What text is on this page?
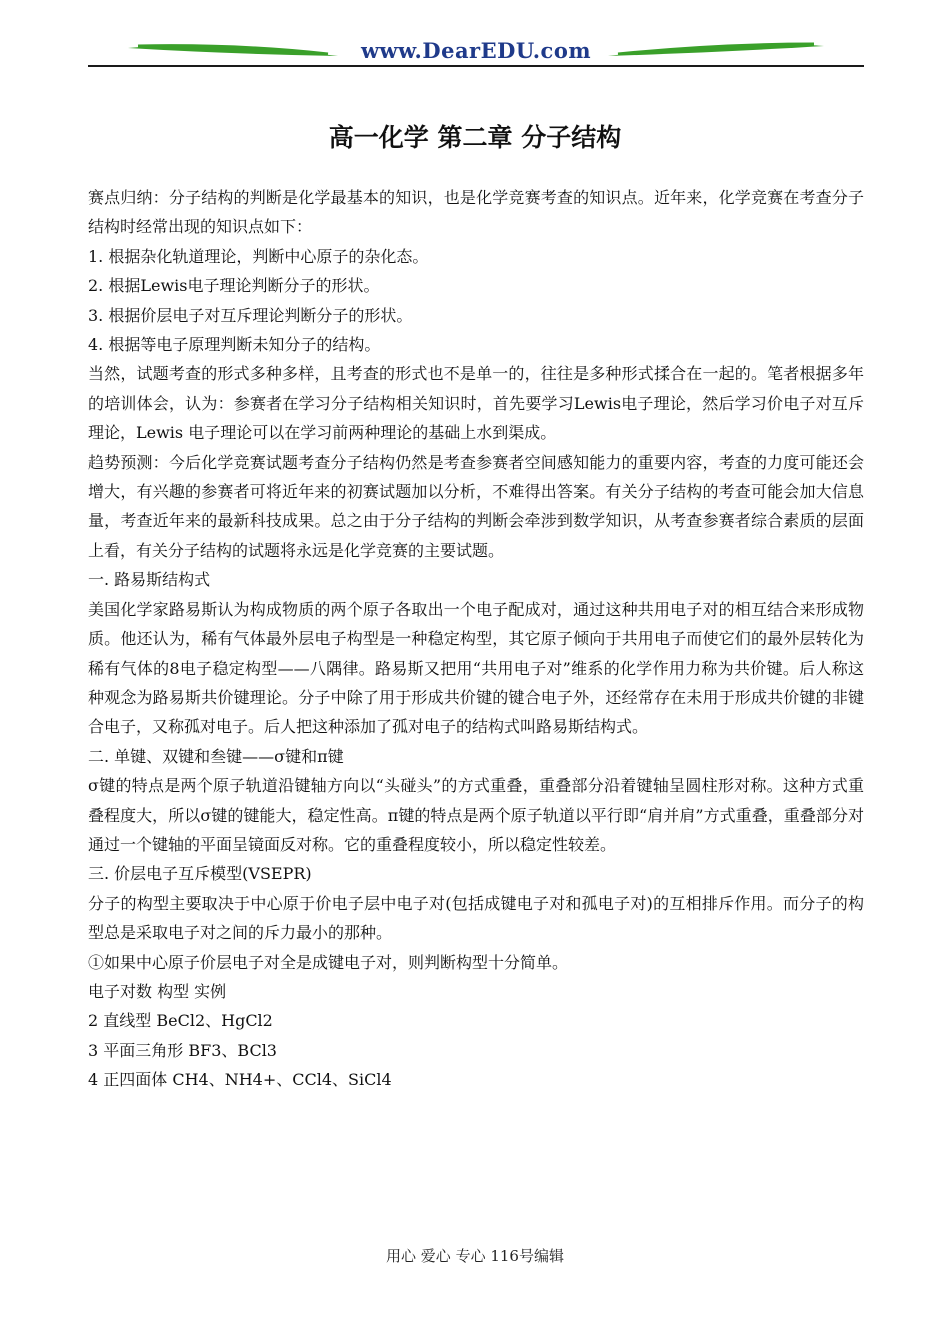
www.DearEDU.com
高一化学 第二章 分子结构

赛点归纳：分子结构的判断是化学最基本的知识，也是化学竞赛考查的知识点。近年来，化学竞赛在考查分子结构时经常出现的知识点如下：

1. 根据杂化轨道理论，判断中心原子的杂化态。

2. 根据Lewis电子理论判断分子的形状。

3. 根据价层电子对互斥理论判断分子的形状。

4. 根据等电子原理判断未知分子的结构。

当然，试题考查的形式多种多样，且考查的形式也不是单一的，往往是多种形式揉合在一起的。笔者根据多年的培训体会，认为：参赛者在学习分子结构相关知识时，首先要学习Lewis电子理论，然后学习价电子对互斥理论，Lewis 电子理论可以在学习前两种理论的基础上水到渠成。

趋势预测：今后化学竞赛试题考查分子结构仍然是考查参赛者空间感知能力的重要内容，考查的力度可能还会增大，有兴趣的参赛者可将近年来的初赛试题加以分析，不难得出答案。有关分子结构的考查可能会加大信息量，考查近年来的最新科技成果。总之由于分子结构的判断会牵涉到数学知识，从考查参赛者综合素质的层面上看，有关分子结构的试题将永远是化学竞赛的主要试题。

一. 路易斯结构式

美国化学家路易斯认为构成物质的两个原子各取出一个电子配成对，通过这种共用电子对的相互结合来形成物质。他还认为，稀有气体最外层电子构型是一种稳定构型，其它原子倾向于共用电子而使它们的最外层转化为稀有气体的8电子稳定构型——八隅律。路易斯又把用“共用电子对”维系的化学作用力称为共价键。后人称这种观念为路易斯共价键理论。分子中除了用于形成共价键的键合电子外，还经常存在未用于形成共价键的非键合电子，又称孤对电子。后人把这种添加了孤对电子的结构式叫路易斯结构式。

二. 单键、双键和叁键——σ键和π键

σ键的特点是两个原子轨道沿键轴方向以“头碰头”的方式重叠，重叠部分沿着键轴呈圆柱形对称。这种方式重叠程度大，所以σ键的键能大，稳定性高。π键的特点是两个原子轨道以平行即“肩并肩”方式重叠，重叠部分对通过一个键轴的平面呈镜面反对称。它的重叠程度较小，所以稳定性较差。

三. 价层电子互斥模型(VSEPR)

分子的构型主要取决于中心原于价电子层中电子对(包括成键电子对和孤电子对)的互相排斥作用。而分子的构型总是采取电子对之间的斥力最小的那种。

①如果中心原子价层电子对全是成键电子对，则判断构型十分简单。

电子对数 构型 实例

2 直线型 BeCl2、HgCl2

3 平面三角形 BF3、BCl3

4 正四面体 CH4、NH4+、CCl4、SiCl4

用心 爱心 专心 116号编辑
